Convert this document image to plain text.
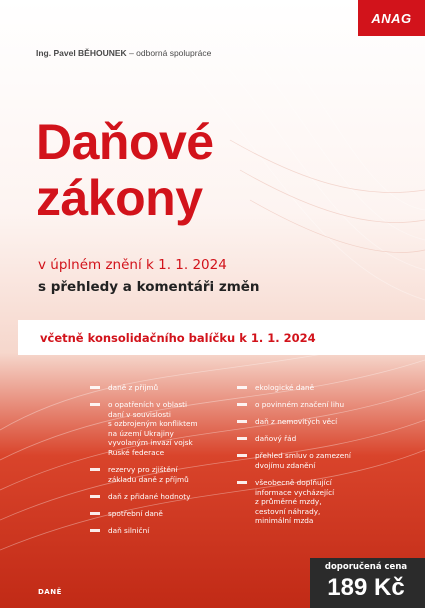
ANAG
Ing. Pavel BĚHOUNEK – odborná spolupráce
Daňové
zákony
v úplném znění k 1. 1. 2024
s přehledy a komentáři změn
včetně konsolidačního balíčku k 1. 1. 2024
daně z příjmů
o opatřeních v oblasti
daní v souvislosti
s ozbrojeným konfliktem
na území Ukrajiny
vyvolaným invazí vojsk
Ruské federace
rezervy pro zjištění
základu daně z příjmů
daň z přidané hodnoty
spotřební daně
daň silniční
ekologické daně
o povinném značení lihu
daň z nemovitých věcí
daňový řád
přehled smluv o zamezení
dvojímu zdanění
všeobecně doplňující
informace vycházející
z průměrné mzdy,
cestovní náhrady,
minimální mzda
doporučená cena
189 Kč
DANĚ
